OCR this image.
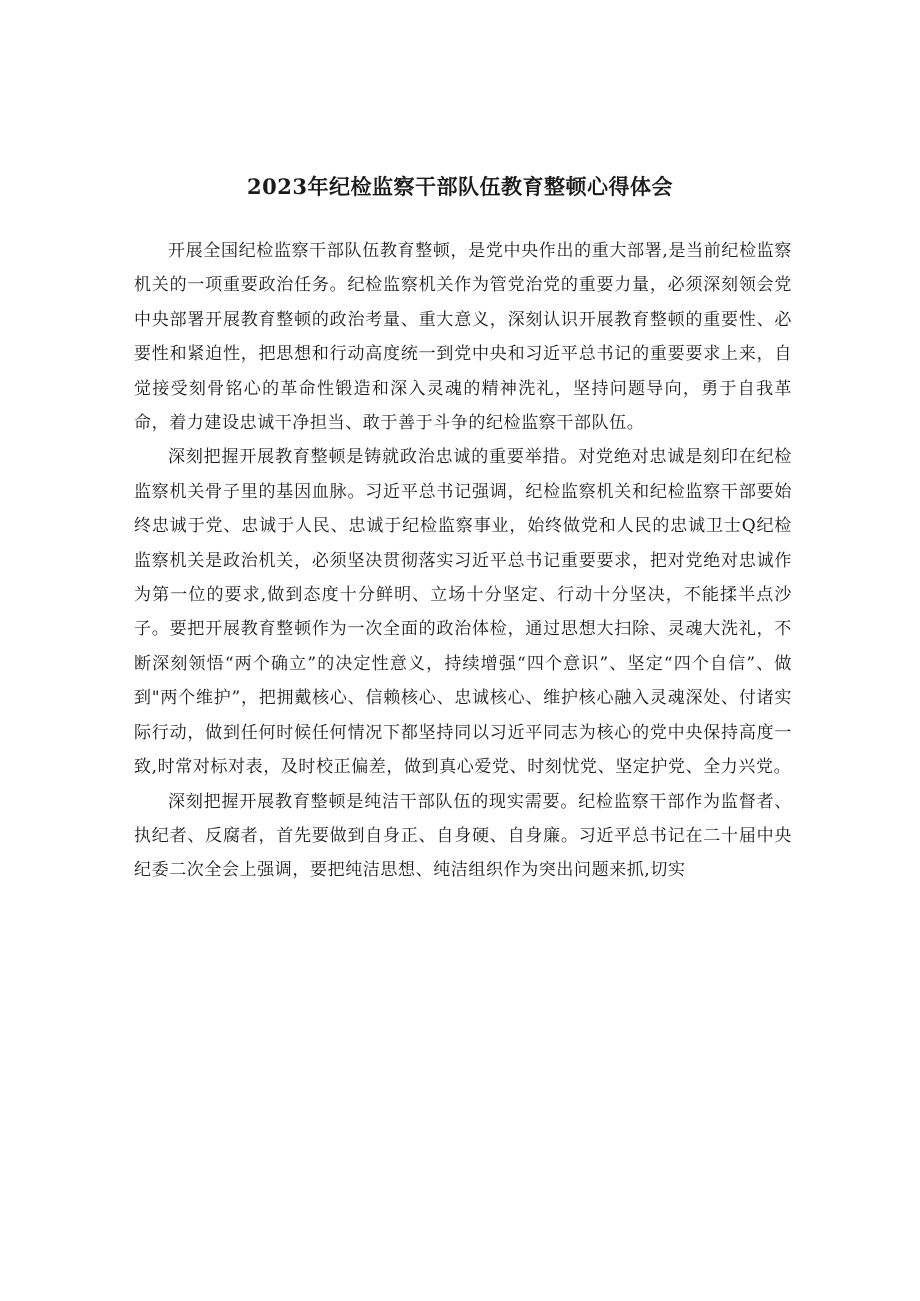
2023年纪检监察干部队伍教育整顿心得体会

开展全国纪检监察干部队伍教育整顿，是党中央作出的重大部署,是当前纪检监察机关的一项重要政治任务。纪检监察机关作为管党治党的重要力量，必须深刻领会党中央部署开展教育整顿的政治考量、重大意义，深刻认识开展教育整顿的重要性、必要性和紧迫性，把思想和行动高度统一到党中央和习近平总书记的重要要求上来，自觉接受刻骨铭心的革命性锻造和深入灵魂的精神洗礼，坚持问题导向，勇于自我革命，着力建设忠诚干净担当、敢于善于斗争的纪检监察干部队伍。

深刻把握开展教育整顿是铸就政治忠诚的重要举措。对党绝对忠诚是刻印在纪检监察机关骨子里的基因血脉。习近平总书记强调，纪检监察机关和纪检监察干部要始终忠诚于党、忠诚于人民、忠诚于纪检监察事业，始终做党和人民的忠诚卫士Q纪检监察机关是政治机关，必须坚决贯彻落实习近平总书记重要要求，把对党绝对忠诚作为第一位的要求,做到态度十分鲜明、立场十分坚定、行动十分坚决，不能揉半点沙子。要把开展教育整顿作为一次全面的政治体检，通过思想大扫除、灵魂大洗礼，不断深刻领悟“两个确立”的决定性意义，持续增强“四个意识”、坚定“四个自信”、做到"两个维护”，把拥戴核心、信赖核心、忠诚核心、维护核心融入灵魂深处、付诸实际行动，做到任何时候任何情况下都坚持同以习近平同志为核心的党中央保持高度一致,时常对标对表，及时校正偏差，做到真心爱党、时刻忧党、坚定护党、全力兴党。

深刻把握开展教育整顿是纯洁干部队伍的现实需要。纪检监察干部作为监督者、执纪者、反腐者，首先要做到自身正、自身硬、自身廉。习近平总书记在二十届中央纪委二次全会上强调，要把纯洁思想、纯洁组织作为突出问题来抓,切实
